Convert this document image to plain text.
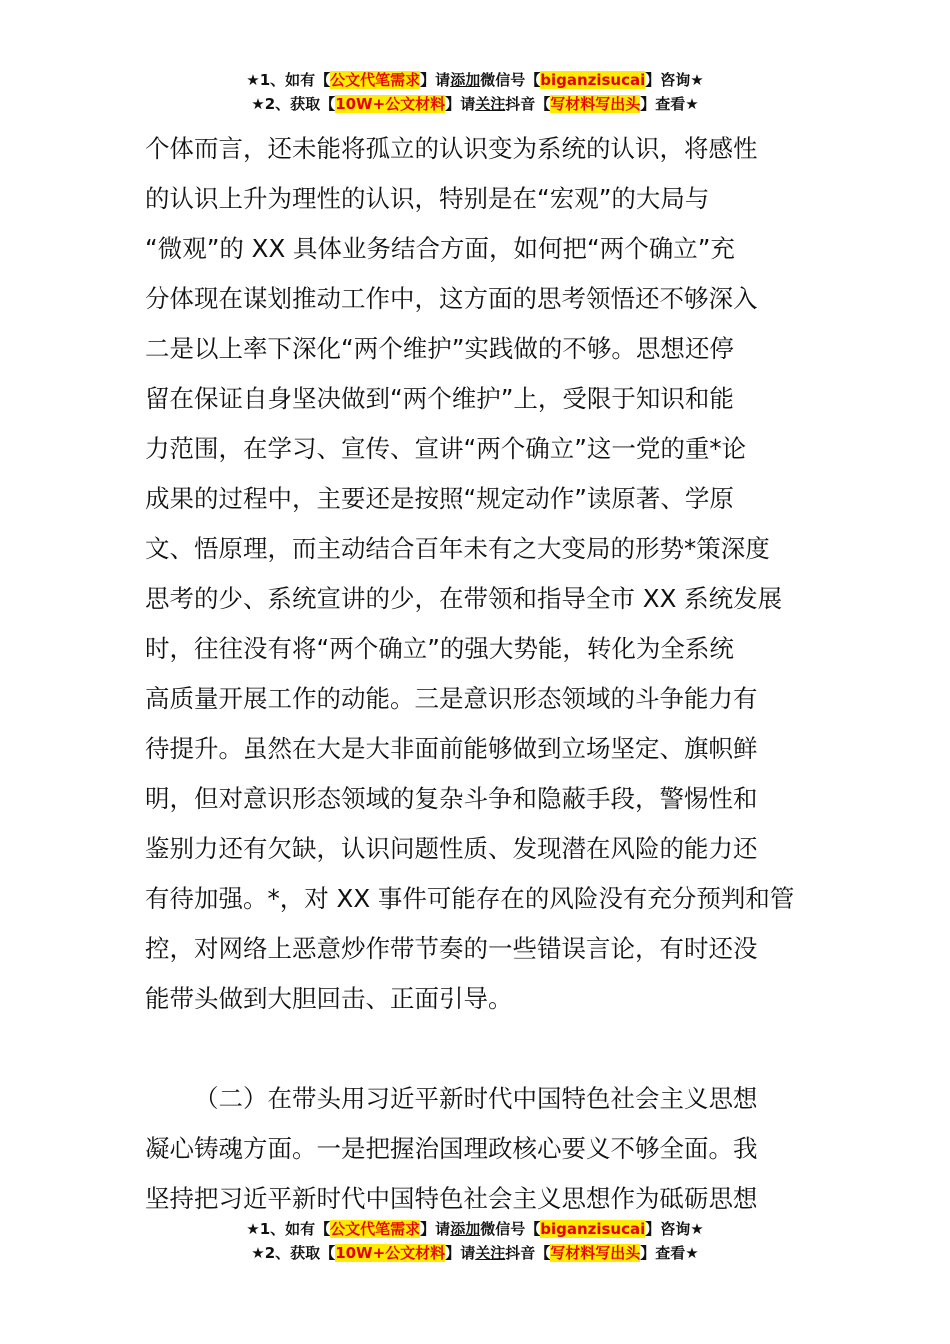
★1、如有【公文代笔需求】请添加微信号【biganzisucai】咨询★
★2、获取【10W+公文材料】请关注抖音【写材料写出头】查看★
个体而言，还未能将孤立的认识变为系统的认识，将感性
的认识上升为理性的认识，特别是在“宏观”的大局与
“微观”的 XX 具体业务结合方面，如何把“两个确立”充
分体现在谋划推动工作中，这方面的思考领悟还不够深入
二是以上率下深化“两个维护”实践做的不够。思想还停
留在保证自身坚决做到“两个维护”上，受限于知识和能
力范围，在学习、宣传、宣讲“两个确立”这一党的重*论
成果的过程中，主要还是按照“规定动作”读原著、学原
文、悟原理，而主动结合百年未有之大变局的形势*策深度
思考的少、系统宣讲的少，在带领和指导全市 XX 系统发展
时，往往没有将“两个确立”的强大势能，转化为全系统
高质量开展工作的动能。三是意识形态领域的斗争能力有
待提升。虽然在大是大非面前能够做到立场坚定、旗帜鲜
明，但对意识形态领域的复杂斗争和隐蔽手段，警惕性和
鉴别力还有欠缺，认识问题性质、发现潜在风险的能力还
有待加强。*，对 XX 事件可能存在的风险没有充分预判和管
控，对网络上恶意炒作带节奏的一些错误言论，有时还没
能带头做到大胆回击、正面引导。
（二）在带头用习近平新时代中国特色社会主义思想
凝心铸魂方面。一是把握治国理政核心要义不够全面。我
坚持把习近平新时代中国特色社会主义思想作为砥砺思想
★1、如有【公文代笔需求】请添加微信号【biganzisucai】咨询★
★2、获取【10W+公文材料】请关注抖音【写材料写出头】查看★
